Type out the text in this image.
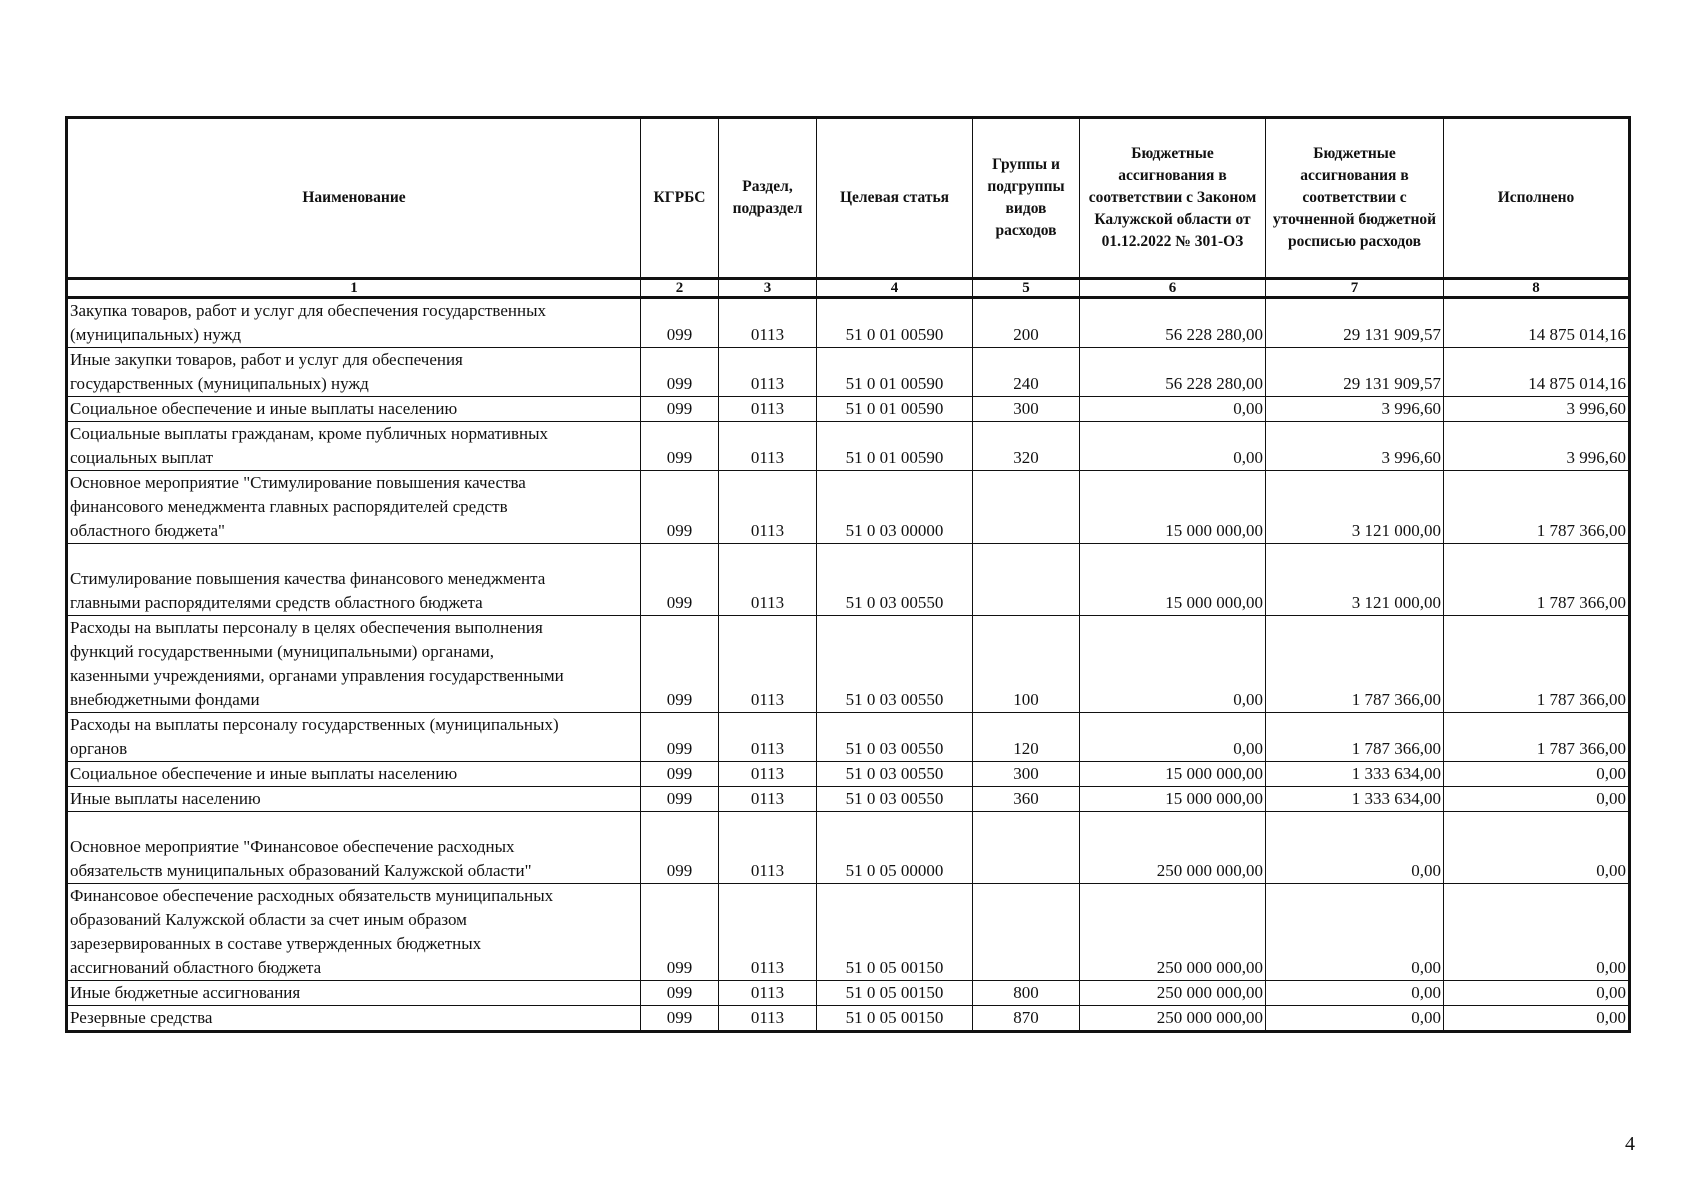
Наименование	КГРБС	Раздел, подраздел	Целевая статья	Группы и подгруппы видов расходов	Бюджетные ассигнования в соответствии с Законом Калужской области от 01.12.2022 № 301-ОЗ	Бюджетные ассигнования в соответствии с уточненной бюджетной росписью расходов	Исполнено
1	2	3	4	5	6	7	8
Закупка товаров, работ и услуг для обеспечения государственных
(муниципальных) нужд	099	0113	51 0 01 00590	200	56 228 280,00	29 131 909,57	14 875 014,16
Иные закупки товаров, работ и услуг для обеспечения
государственных (муниципальных) нужд	099	0113	51 0 01 00590	240	56 228 280,00	29 131 909,57	14 875 014,16
Социальное обеспечение и иные выплаты населению	099	0113	51 0 01 00590	300	0,00	3 996,60	3 996,60
Социальные выплаты гражданам, кроме публичных нормативных
социальных выплат	099	0113	51 0 01 00590	320	0,00	3 996,60	3 996,60
Основное мероприятие "Стимулирование повышения качества
финансового менеджмента главных распорядителей средств
областного бюджета"	099	0113	51 0 03 00000		15 000 000,00	3 121 000,00	1 787 366,00
Стимулирование повышения качества финансового менеджмента
главными распорядителями средств областного бюджета	099	0113	51 0 03 00550		15 000 000,00	3 121 000,00	1 787 366,00
Расходы на выплаты персоналу в целях обеспечения выполнения
функций государственными (муниципальными) органами,
казенными учреждениями, органами управления государственными
внебюджетными фондами	099	0113	51 0 03 00550	100	0,00	1 787 366,00	1 787 366,00
Расходы на выплаты персоналу государственных (муниципальных)
органов	099	0113	51 0 03 00550	120	0,00	1 787 366,00	1 787 366,00
Социальное обеспечение и иные выплаты населению	099	0113	51 0 03 00550	300	15 000 000,00	1 333 634,00	0,00
Иные выплаты населению	099	0113	51 0 03 00550	360	15 000 000,00	1 333 634,00	0,00
Основное мероприятие "Финансовое обеспечение расходных
обязательств муниципальных образований Калужской области"	099	0113	51 0 05 00000		250 000 000,00	0,00	0,00
Финансовое обеспечение расходных обязательств муниципальных
образований Калужской области за счет иным образом
зарезервированных в составе утвержденных бюджетных
ассигнований областного бюджета	099	0113	51 0 05 00150		250 000 000,00	0,00	0,00
Иные бюджетные ассигнования	099	0113	51 0 05 00150	800	250 000 000,00	0,00	0,00
Резервные средства	099	0113	51 0 05 00150	870	250 000 000,00	0,00	0,00
4
